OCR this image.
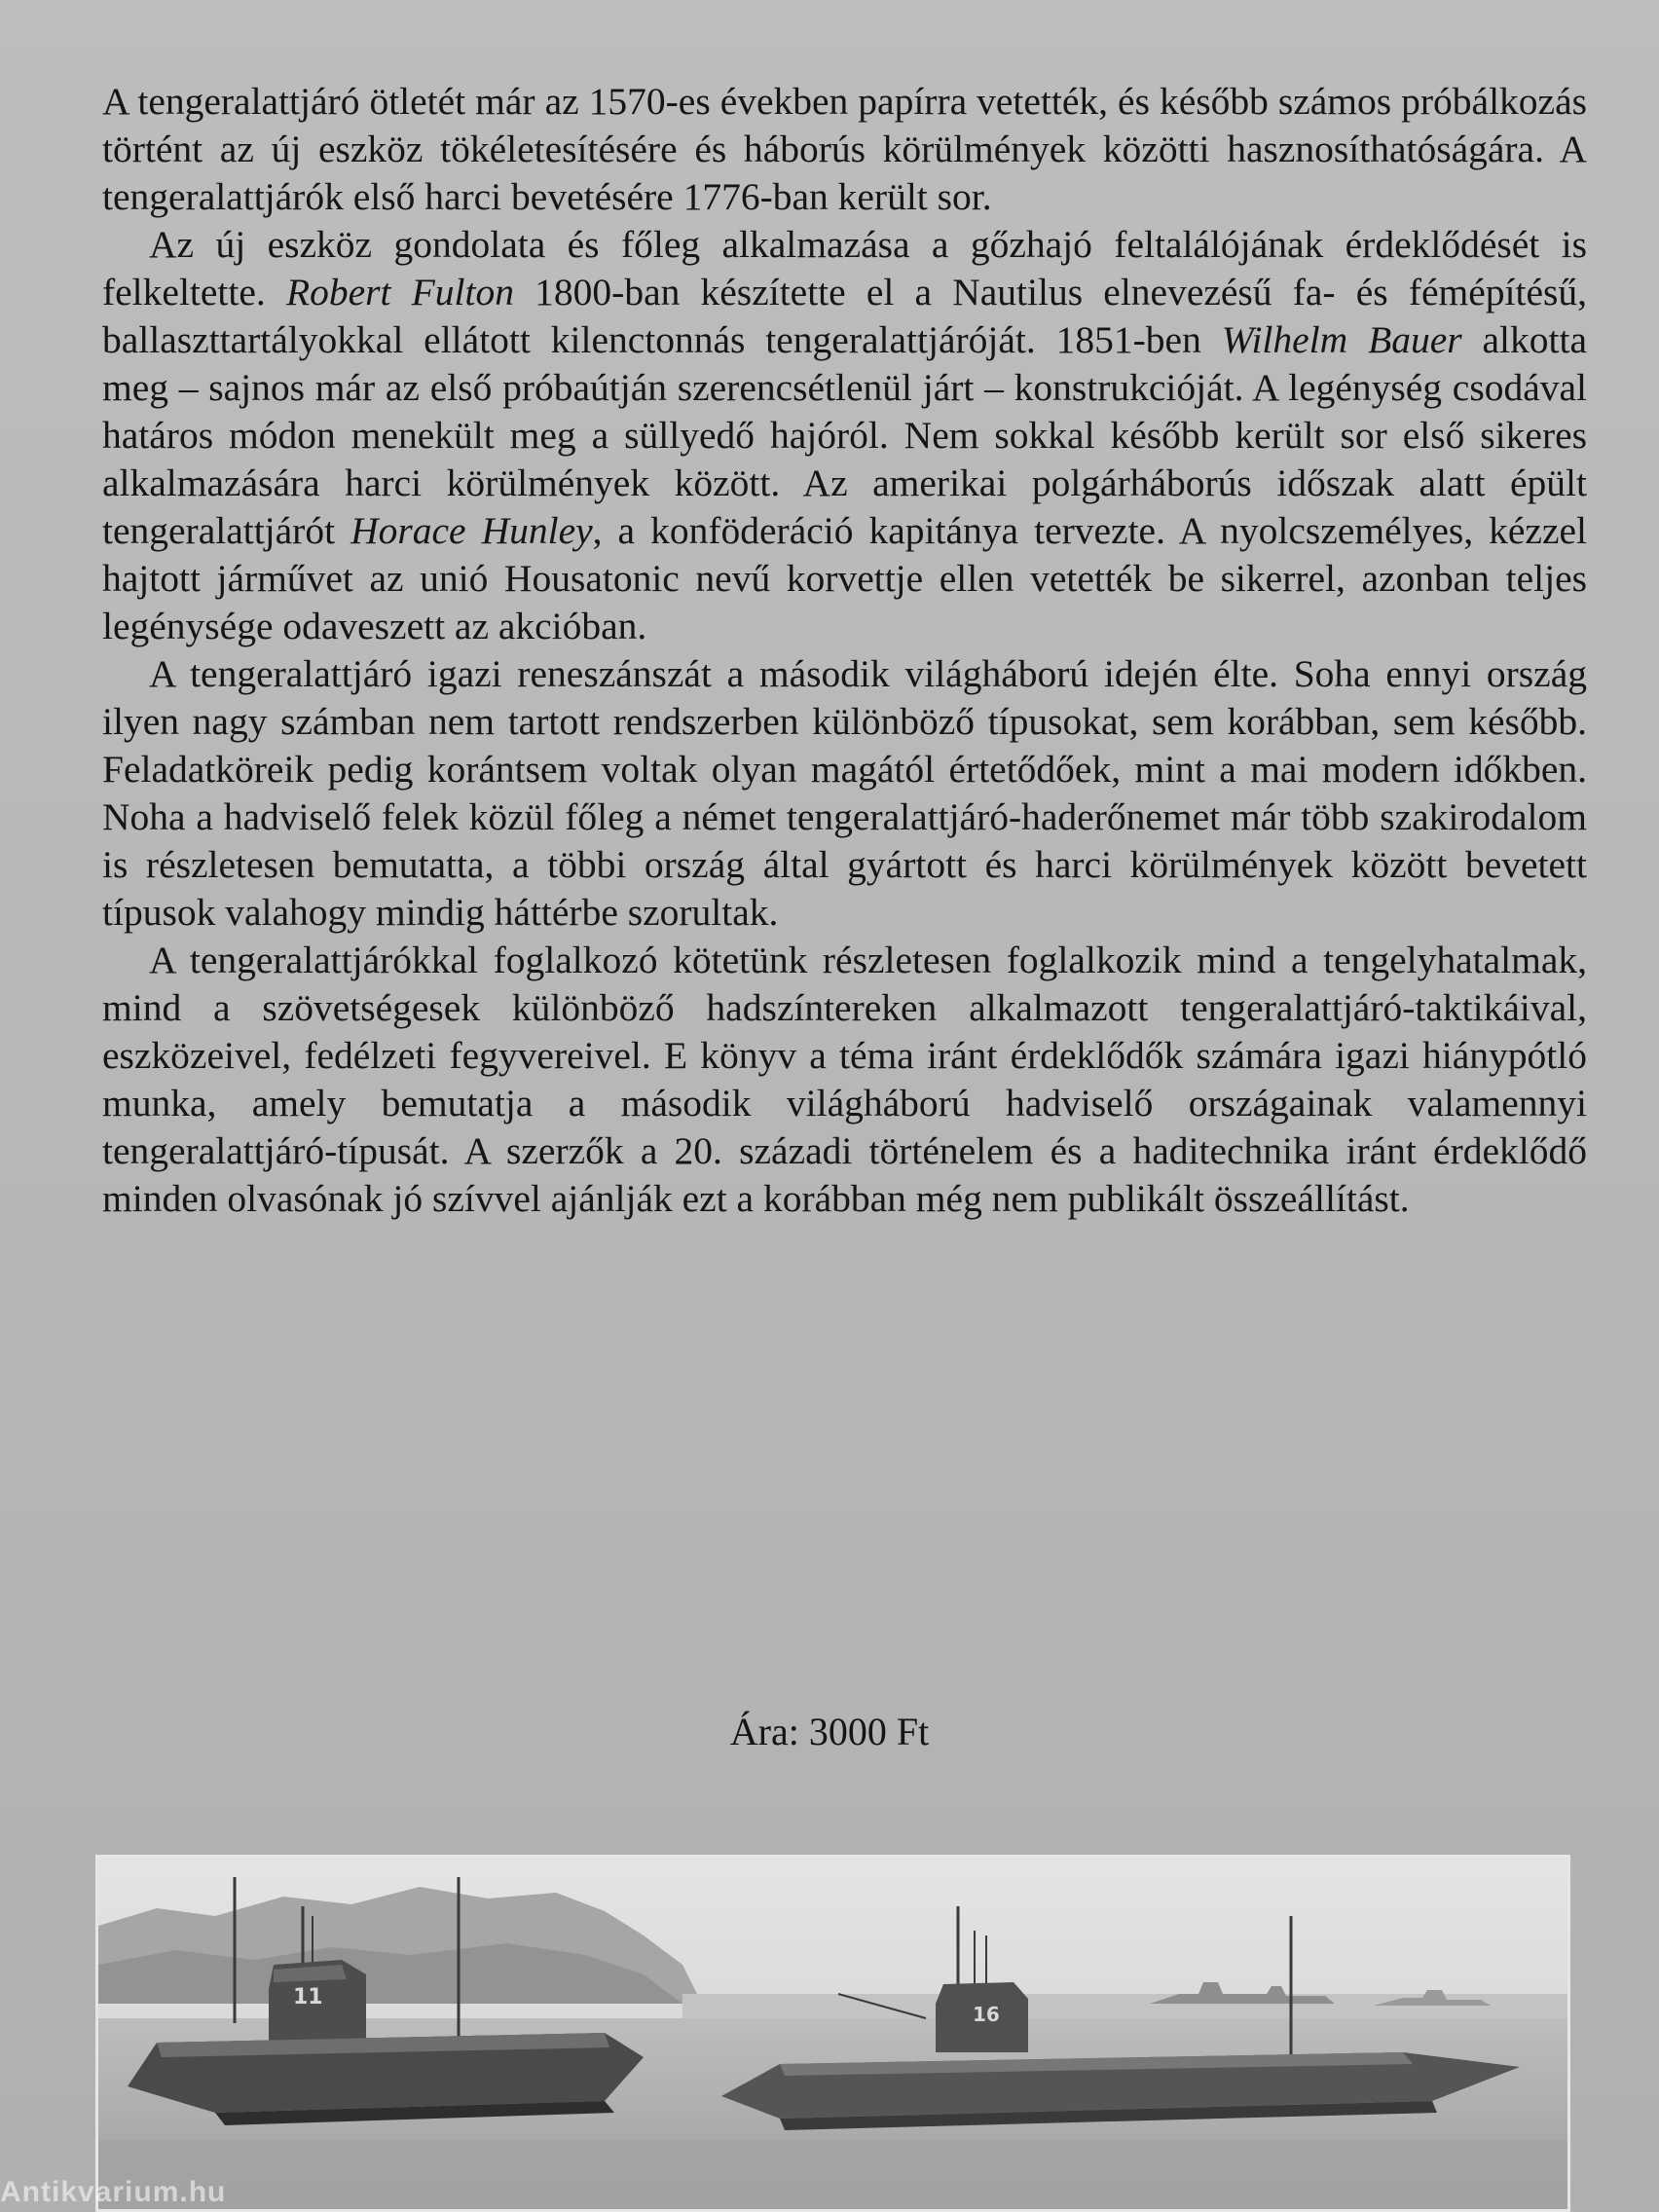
A tengeralattjáró ötletét már az 1570-es években papírra vetették, és később számos próbálkozás történt az új eszköz tökéletesítésére és háborús körülmények közötti hasznosíthatóságára. A tengeralattjárók első harci bevetésére 1776-ban került sor.

Az új eszköz gondolata és főleg alkalmazása a gőzhajó feltalálójának érdeklődését is felkeltette. Robert Fulton 1800-ban készítette el a Nautilus elnevezésű fa- és fémépítésű, ballaszttartályokkal ellátott kilenctonnás tengeralattjáróját. 1851-ben Wilhelm Bauer alkotta meg – sajnos már az első próbaútján szerencsétlenül járt – konstrukcióját. A legénység csodával határos módon menekült meg a süllyedő hajóról. Nem sokkal később került sor első sikeres alkalmazására harci körülmények között. Az amerikai polgárháborús időszak alatt épült tengeralattjárót Horace Hunley, a konföderáció kapitánya tervezte. A nyolcszemélyes, kézzel hajtott járművet az unió Housatonic nevű korvettje ellen vetették be sikerrel, azonban teljes legénysége odaveszett az akcióban.

A tengeralattjáró igazi reneszánszát a második világháború idején élte. Soha ennyi ország ilyen nagy számban nem tartott rendszerben különböző típusokat, sem korábban, sem később. Feladatköreik pedig korántsem voltak olyan magától értetődőek, mint a mai modern időkben. Noha a hadviselő felek közül főleg a német tengeralattjáró-haderőnemet már több szakirodalom is részletesen bemutatta, a többi ország által gyártott és harci körülmények között bevetett típusok valahogy mindig háttérbe szorultak.

A tengeralattjárókkal foglalkozó kötetünk részletesen foglalkozik mind a tengelyhatalmak, mind a szövetségesek különböző hadszíntereken alkalmazott tengeralattjáró-taktikáival, eszközeivel, fedélzeti fegyvereivel. E könyv a téma iránt érdeklődők számára igazi hiánypótló munka, amely bemutatja a második világháború hadviselő országainak valamennyi tengeralattjáró-típusát. A szerzők a 20. századi történelem és a haditechnika iránt érdeklődő minden olvasónak jó szívvel ajánlják ezt a korábban még nem publikált összeállítást.

Ára: 3000 Ft
11
16
Antikvarium.hu
